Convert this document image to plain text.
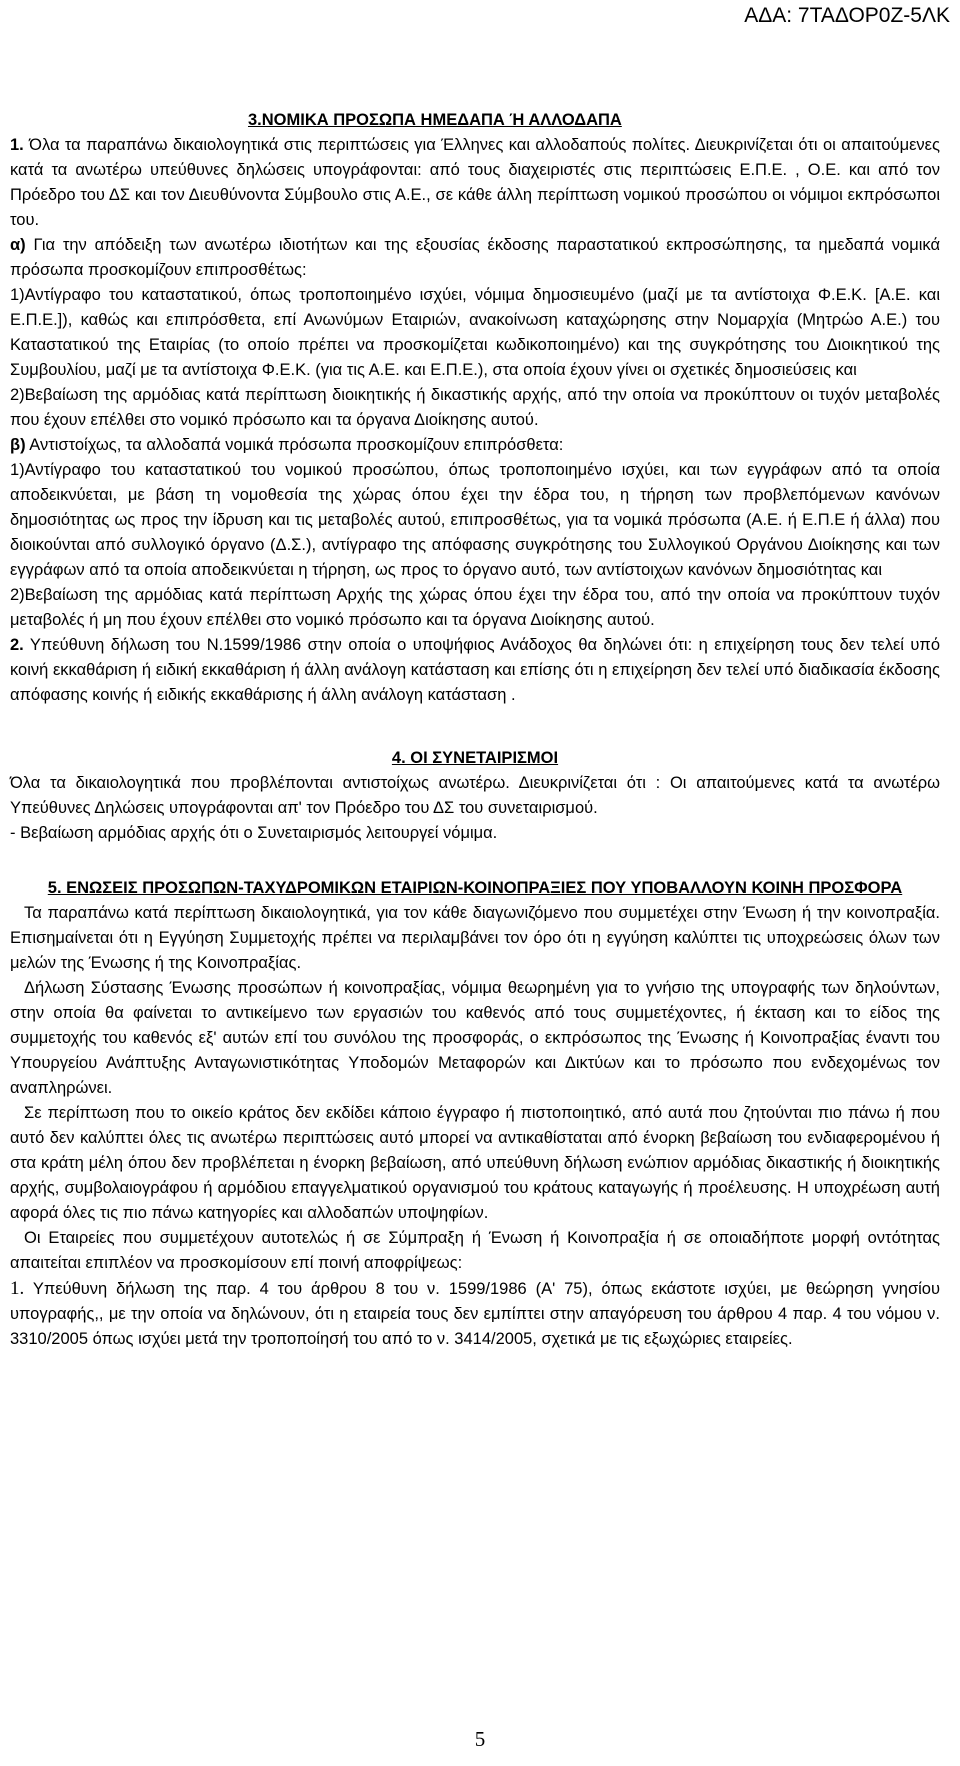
ΑΔΑ: 7ΤΑΔΟΡ0Ζ-5ΛΚ

3.ΝΟΜΙΚΑ ΠΡΟΣΩΠΑ ΗΜΕΔΑΠΑ Ή ΑΛΛΟΔΑΠΑ

1. Όλα τα παραπάνω δικαιολογητικά στις περιπτώσεις για Έλληνες και αλλοδαπούς πολίτες. Διευκρινίζεται ότι οι απαιτούμενες κατά τα ανωτέρω υπεύθυνες δηλώσεις υπογράφονται: από τους διαχειριστές στις περιπτώσεις Ε.Π.Ε. , Ο.Ε. και από τον Πρόεδρο του ΔΣ και τον Διευθύνοντα Σύμβουλο στις Α.Ε., σε κάθε άλλη περίπτωση νομικού προσώπου οι νόμιμοι εκπρόσωποι του.

α) Για την απόδειξη των ανωτέρω ιδιοτήτων και της εξουσίας έκδοσης παραστατικού εκπροσώπησης, τα ημεδαπά νομικά πρόσωπα προσκομίζουν επιπροσθέτως:

1)Αντίγραφο του καταστατικού, όπως τροποποιημένο ισχύει, νόμιμα δημοσιευμένο (μαζί με τα αντίστοιχα Φ.Ε.Κ. [Α.Ε. και Ε.Π.Ε.]), καθώς και επιπρόσθετα, επί Ανωνύμων Εταιριών, ανακοίνωση καταχώρησης στην Νομαρχία (Μητρώο Α.Ε.) του Καταστατικού της Εταιρίας (το οποίο πρέπει να προσκομίζεται κωδικοποιημένο) και της συγκρότησης του Διοικητικού της Συμβουλίου, μαζί με τα αντίστοιχα Φ.Ε.Κ. (για τις Α.Ε. και Ε.Π.Ε.), στα οποία έχουν γίνει οι σχετικές δημοσιεύσεις και

2)Βεβαίωση της αρμόδιας κατά περίπτωση διοικητικής ή δικαστικής αρχής, από την οποία να προκύπτουν οι τυχόν μεταβολές που έχουν επέλθει στο νομικό πρόσωπο και τα όργανα Διοίκησης αυτού.

β) Αντιστοίχως, τα αλλοδαπά νομικά πρόσωπα προσκομίζουν επιπρόσθετα:

1)Αντίγραφο του καταστατικού του νομικού προσώπου, όπως τροποποιημένο ισχύει, και των εγγράφων από τα οποία αποδεικνύεται, με βάση τη νομοθεσία της χώρας όπου έχει την έδρα του, η τήρηση των προβλεπόμενων κανόνων δημοσιότητας ως προς την ίδρυση και τις μεταβολές αυτού, επιπροσθέτως, για τα νομικά πρόσωπα (Α.Ε. ή Ε.Π.Ε ή άλλα) που διοικούνται από συλλογικό όργανο (Δ.Σ.), αντίγραφο της απόφασης συγκρότησης του Συλλογικού Οργάνου Διοίκησης και των εγγράφων από τα οποία αποδεικνύεται η τήρηση, ως προς το όργανο αυτό, των αντίστοιχων κανόνων δημοσιότητας και

2)Βεβαίωση της αρμόδιας κατά περίπτωση Αρχής της χώρας όπου έχει την έδρα του, από την οποία να προκύπτουν τυχόν μεταβολές ή μη που έχουν επέλθει στο νομικό πρόσωπο και τα όργανα Διοίκησης αυτού.

2. Υπεύθυνη δήλωση του Ν.1599/1986 στην οποία ο υποψήφιος Ανάδοχος θα δηλώνει ότι: η επιχείρηση τους δεν τελεί υπό κοινή εκκαθάριση ή ειδική εκκαθάριση ή άλλη ανάλογη κατάσταση και επίσης ότι η επιχείρηση δεν τελεί υπό διαδικασία έκδοσης απόφασης κοινής ή ειδικής εκκαθάρισης ή άλλη ανάλογη κατάσταση .

4. ΟΙ ΣΥΝΕΤΑΙΡΙΣΜΟΙ

Όλα τα δικαιολογητικά που προβλέπονται αντιστοίχως ανωτέρω. Διευκρινίζεται ότι : Οι απαιτούμενες κατά τα ανωτέρω Υπεύθυνες Δηλώσεις υπογράφονται απ' τον Πρόεδρο του ΔΣ του συνεταιρισμού.

- Βεβαίωση αρμόδιας αρχής ότι ο Συνεταιρισμός λειτουργεί νόμιμα.

5. ΕΝΩΣΕΙΣ ΠΡΟΣΩΠΩΝ-ΤΑΧΥΔΡΟΜΙΚΩΝ ΕΤΑΙΡΙΩΝ-ΚΟΙΝΟΠΡΑΞΙΕΣ ΠΟΥ ΥΠΟΒΑΛΛΟΥΝ ΚΟΙΝΗ ΠΡΟΣΦΟΡΑ

Τα παραπάνω κατά περίπτωση δικαιολογητικά, για τον κάθε διαγωνιζόμενο που συμμετέχει στην Ένωση ή την κοινοπραξία. Επισημαίνεται ότι η Εγγύηση Συμμετοχής πρέπει να περιλαμβάνει τον όρο ότι η εγγύηση καλύπτει τις υποχρεώσεις όλων των μελών της Ένωσης ή της Κοινοπραξίας.

Δήλωση Σύστασης Ένωσης προσώπων ή κοινοπραξίας, νόμιμα θεωρημένη για το γνήσιο της υπογραφής των δηλούντων, στην οποία θα φαίνεται το αντικείμενο των εργασιών του καθενός από τους συμμετέχοντες, ή έκταση και το είδος της συμμετοχής του καθενός εξ' αυτών επί του συνόλου της προσφοράς, ο εκπρόσωπος της Ένωσης ή Κοινοπραξίας έναντι του Υπουργείου Ανάπτυξης Ανταγωνιστικότητας Υποδομών Μεταφορών και Δικτύων και το πρόσωπο που ενδεχομένως τον αναπληρώνει.

Σε περίπτωση που το οικείο κράτος δεν εκδίδει κάποιο έγγραφο ή πιστοποιητικό, από αυτά που ζητούνται πιο πάνω ή που αυτό δεν καλύπτει όλες τις ανωτέρω περιπτώσεις αυτό μπορεί να αντικαθίσταται από ένορκη βεβαίωση του ενδιαφερομένου ή στα κράτη μέλη όπου δεν προβλέπεται η ένορκη βεβαίωση, από υπεύθυνη δήλωση ενώπιον αρμόδιας δικαστικής ή διοικητικής αρχής, συμβολαιογράφου ή αρμόδιου επαγγελματικού οργανισμού του κράτους καταγωγής ή προέλευσης. Η υποχρέωση αυτή αφορά όλες τις πιο πάνω κατηγορίες και αλλοδαπών υποψηφίων.

Οι Εταιρείες που συμμετέχουν αυτοτελώς ή σε Σύμπραξη ή Ένωση ή Κοινοπραξία ή σε οποιαδήποτε μορφή οντότητας απαιτείται επιπλέον να προσκομίσουν επί ποινή αποφρίψεως:

1. Υπεύθυνη δήλωση της παρ. 4 του άρθρου 8 του ν. 1599/1986 (Α' 75), όπως εκάστοτε ισχύει, με θεώρηση γνησίου υπογραφής,, με την οποία να δηλώνουν, ότι η εταιρεία τους δεν εμπίπτει στην απαγόρευση του άρθρου 4 παρ. 4 του νόμου ν. 3310/2005 όπως ισχύει μετά την τροποποίησή του από το ν. 3414/2005, σχετικά με τις εξωχώριες εταιρείες.

5
